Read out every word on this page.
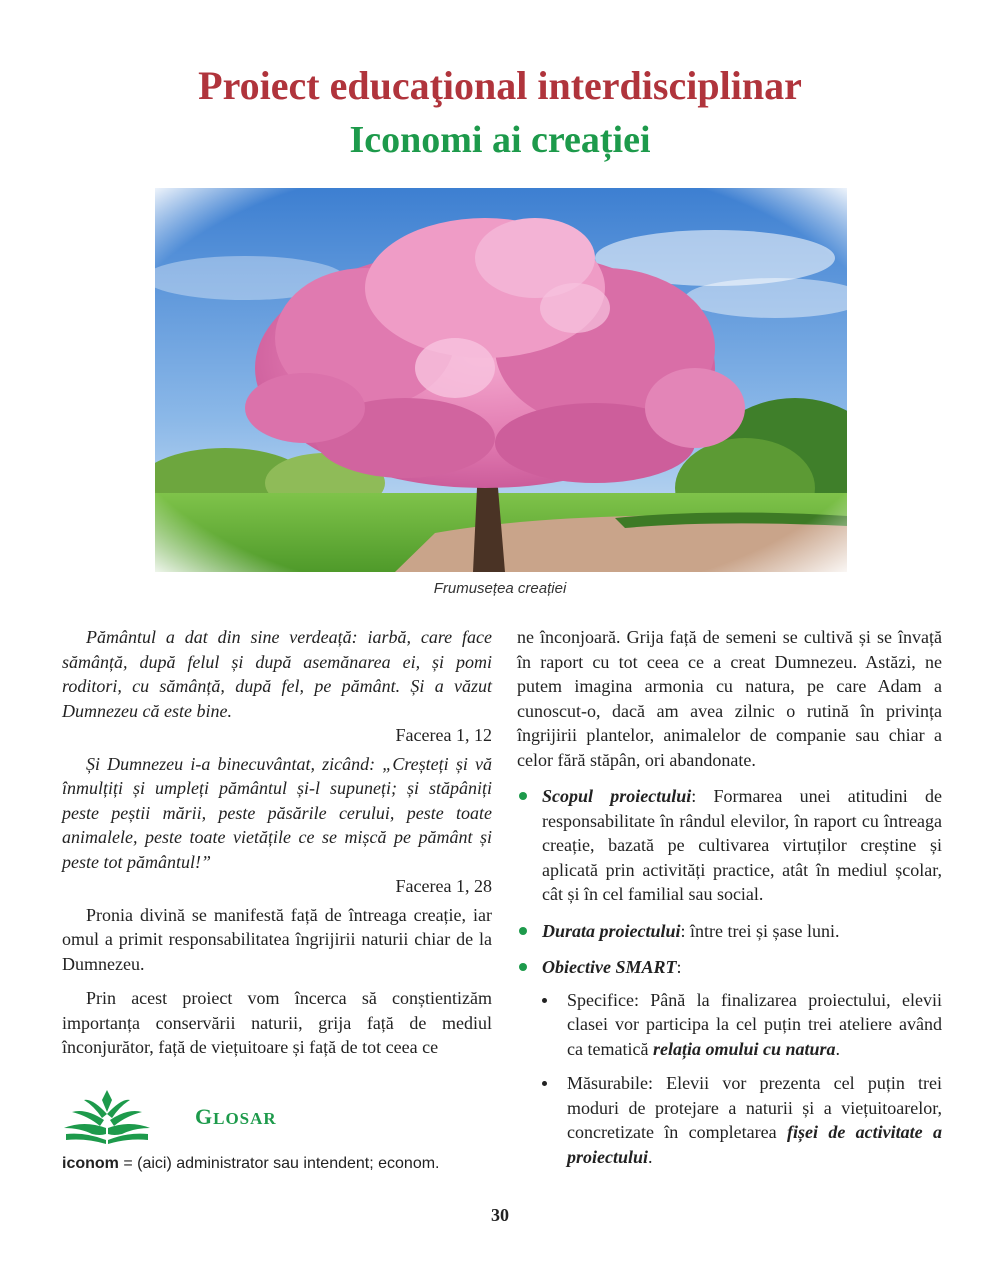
Proiect educaţional interdisciplinar
Iconomi ai creației
Frumusețea creației

Pământul a dat din sine verdeață: iarbă, care face sămânță, după felul și după asemănarea ei, și pomi roditori, cu sămânță, după fel, pe pământ. Și a văzut Dumnezeu că este bine.

Facerea 1, 12

Și Dumnezeu i-a binecuvântat, zicând: „Creșteți și vă înmulțiți și umpleți pământul și-l supuneți; și stăpâniți peste peștii mării, peste păsările cerului, peste toate animalele, peste toate vietățile ce se mișcă pe pământ și peste tot pământul!”

Facerea 1, 28

Pronia divină se manifestă față de întreaga creație, iar omul a primit responsabilitatea îngrijirii naturii chiar de la Dumnezeu.

Prin acest proiect vom încerca să conștientizăm importanța conservării naturii, grija față de mediul înconjurător, față de viețuitoare și față de tot ceea ce

ne înconjoară. Grija față de semeni se cultivă și se învață în raport cu tot ceea ce a creat Dumnezeu. Astăzi, ne putem imagina armonia cu natura, pe care Adam a cunoscut-o, dacă am avea zilnic o rutină în privința îngrijirii plantelor, animalelor de companie sau chiar a celor fără stăpân, ori abandonate.

Scopul proiectului: Formarea unei atitudini de responsabilitate în rândul elevilor, în raport cu întreaga creație, bazată pe cultivarea virtuților creștine și aplicată prin activități practice, atât în mediul școlar, cât și în cel familial sau social.
Durata proiectului: între trei și șase luni.
Obiective SMART:
Specifice: Până la finalizarea proiectului, elevii clasei vor participa la cel puțin trei ateliere având ca tematică relația omului cu natura.
Măsurabile: Elevii vor prezenta cel puțin trei moduri de protejare a naturii și a viețuitoarelor, concretizate în completarea fișei de activitate a proiectului.
GLOSAR
iconom = (aici) administrator sau intendent; econom.
30
